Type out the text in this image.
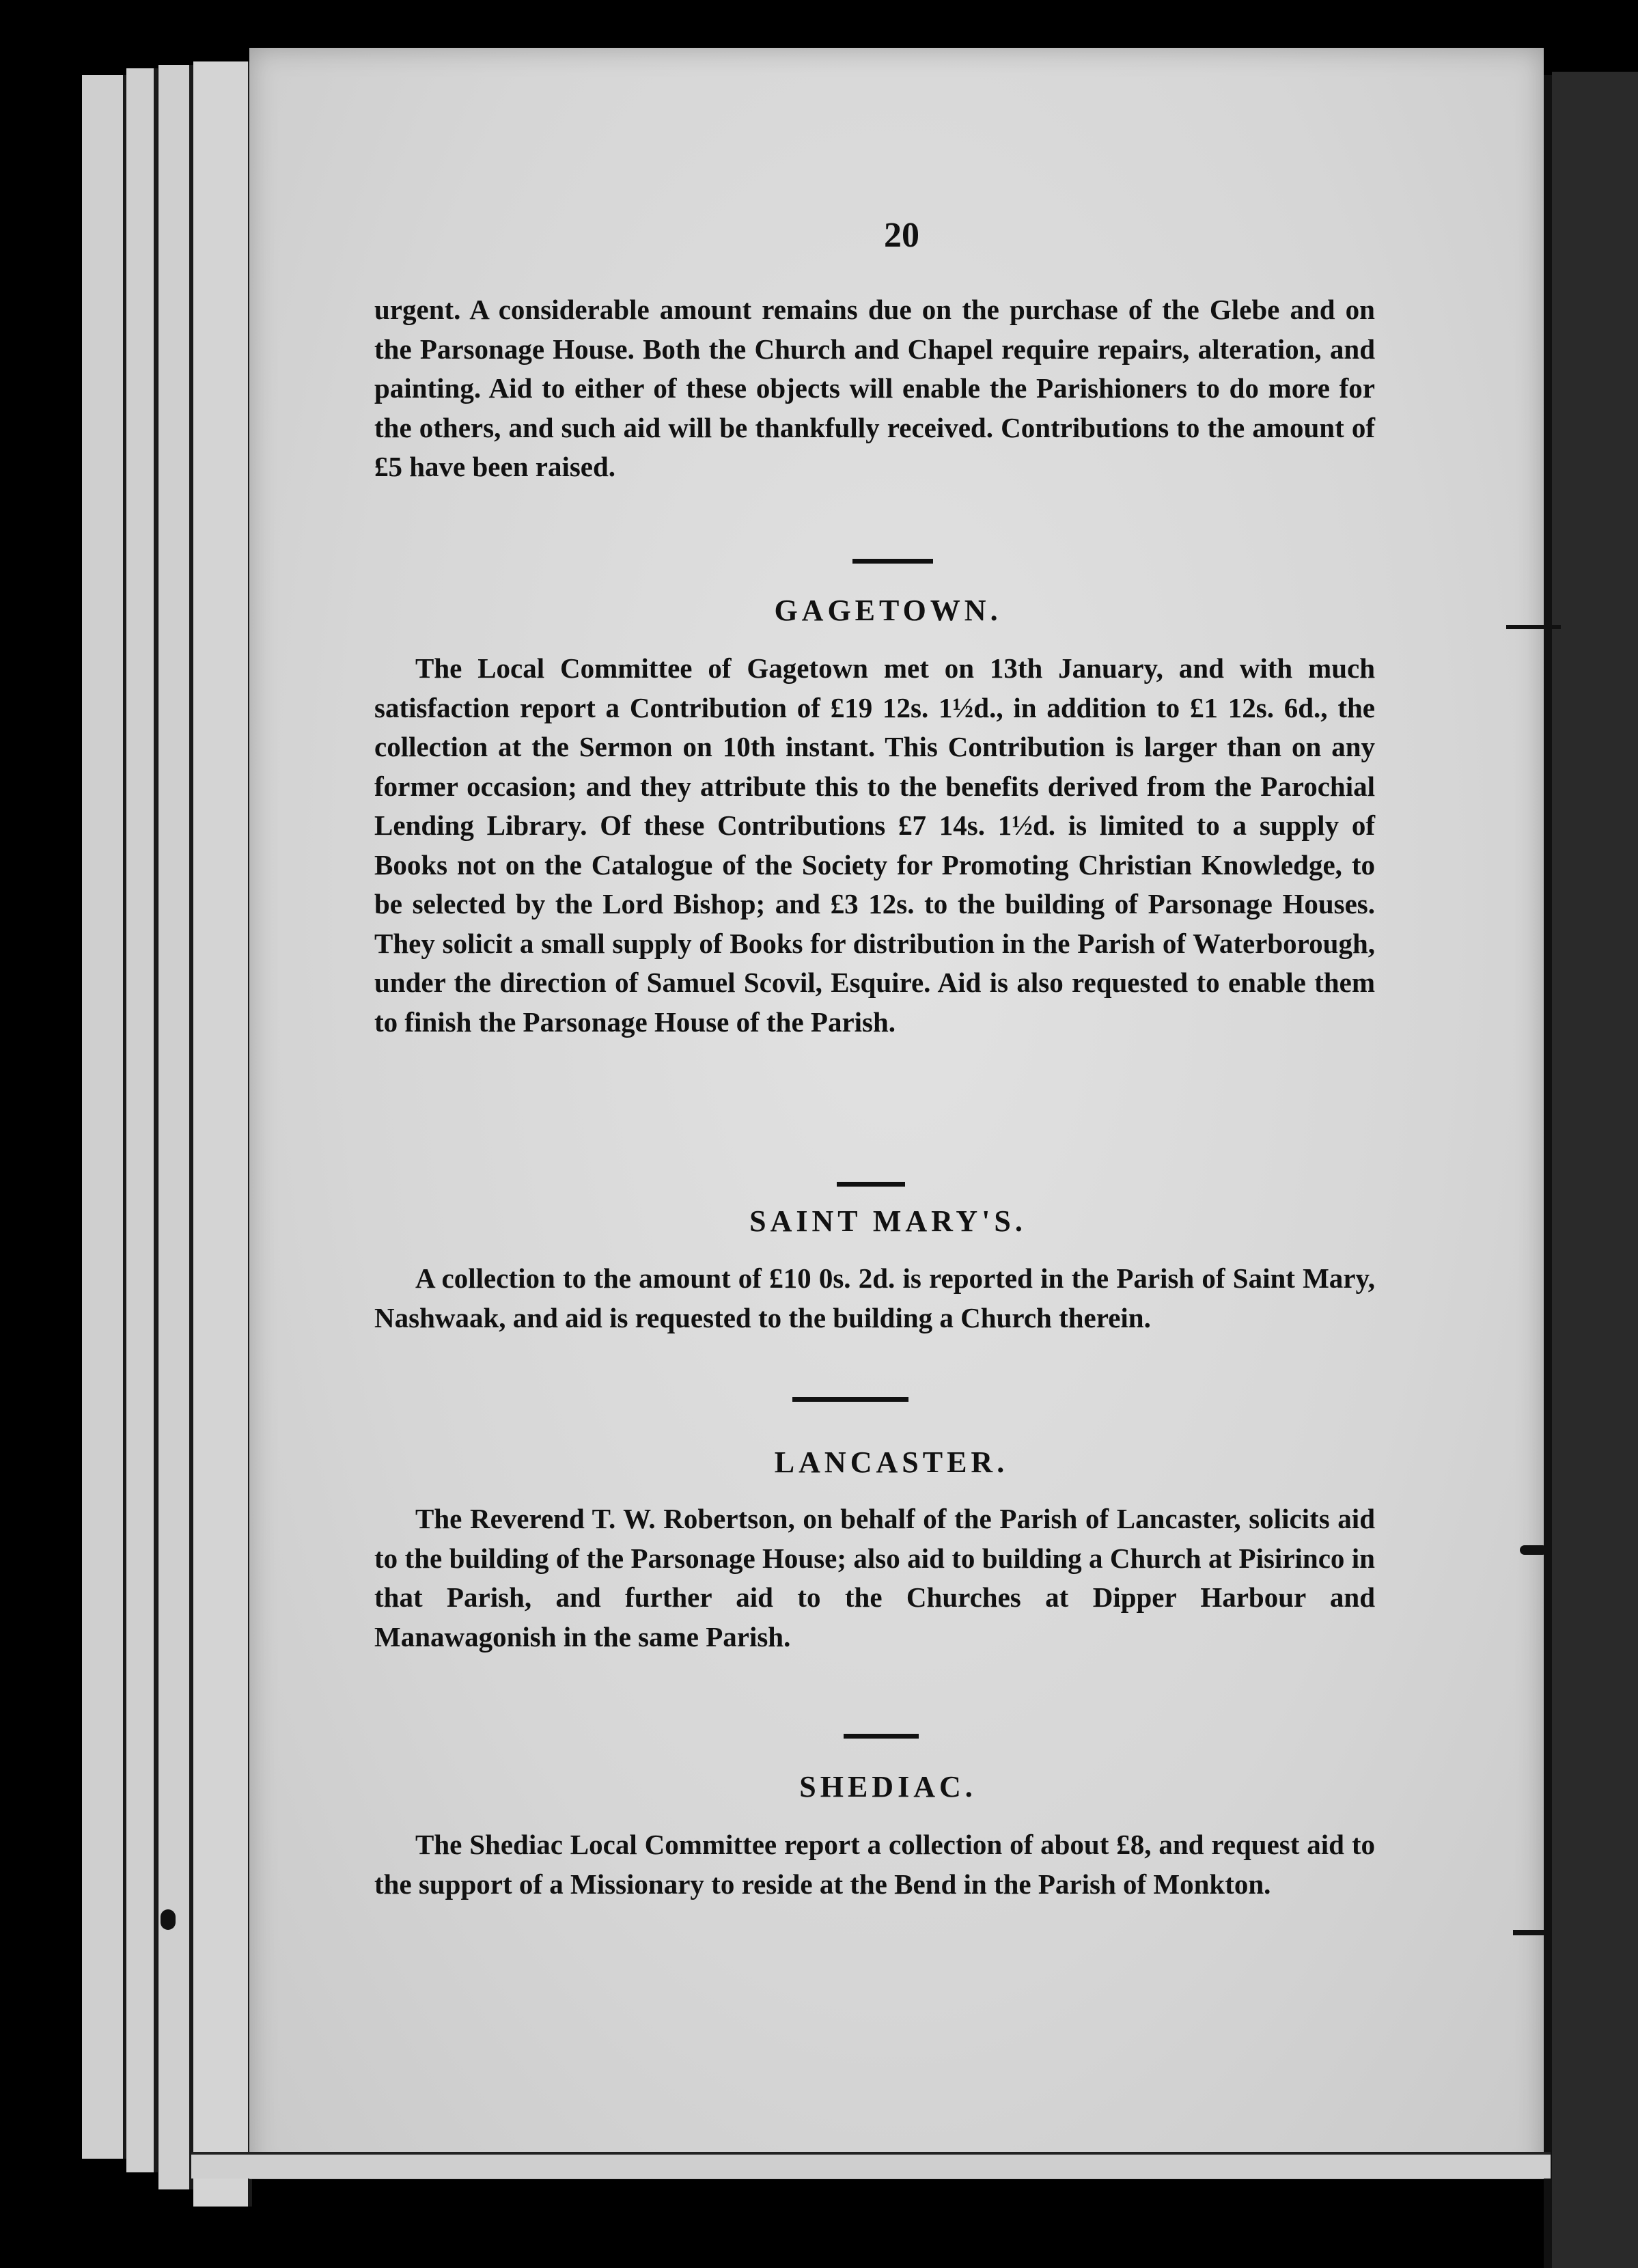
20

urgent. A considerable amount remains due on the purchase of the Glebe and on the Parsonage House. Both the Church and Chapel require repairs, alteration, and painting. Aid to either of these objects will enable the Parishioners to do more for the others, and such aid will be thankfully received. Contributions to the amount of £5 have been raised.

GAGETOWN.

The Local Committee of Gagetown met on 13th January, and with much satisfaction report a Contribution of £19 12s. 1½d., in addition to £1 12s. 6d., the collection at the Sermon on 10th instant. This Contribution is larger than on any former occasion; and they attribute this to the benefits derived from the Parochial Lending Library. Of these Contributions £7 14s. 1½d. is limited to a supply of Books not on the Catalogue of the Society for Promoting Christian Knowledge, to be selected by the Lord Bishop; and £3 12s. to the building of Parsonage Houses. They solicit a small supply of Books for distribution in the Parish of Waterborough, under the direction of Samuel Scovil, Esquire. Aid is also requested to enable them to finish the Parsonage House of the Parish.

SAINT MARY'S.

A collection to the amount of £10 0s. 2d. is reported in the Parish of Saint Mary, Nashwaak, and aid is requested to the building a Church therein.

LANCASTER.

The Reverend T. W. Robertson, on behalf of the Parish of Lancaster, solicits aid to the building of the Parsonage House; also aid to building a Church at Pisirinco in that Parish, and further aid to the Churches at Dipper Harbour and Manawagonish in the same Parish.

SHEDIAC.

The Shediac Local Committee report a collection of about £8, and request aid to the support of a Missionary to reside at the Bend in the Parish of Monkton.
